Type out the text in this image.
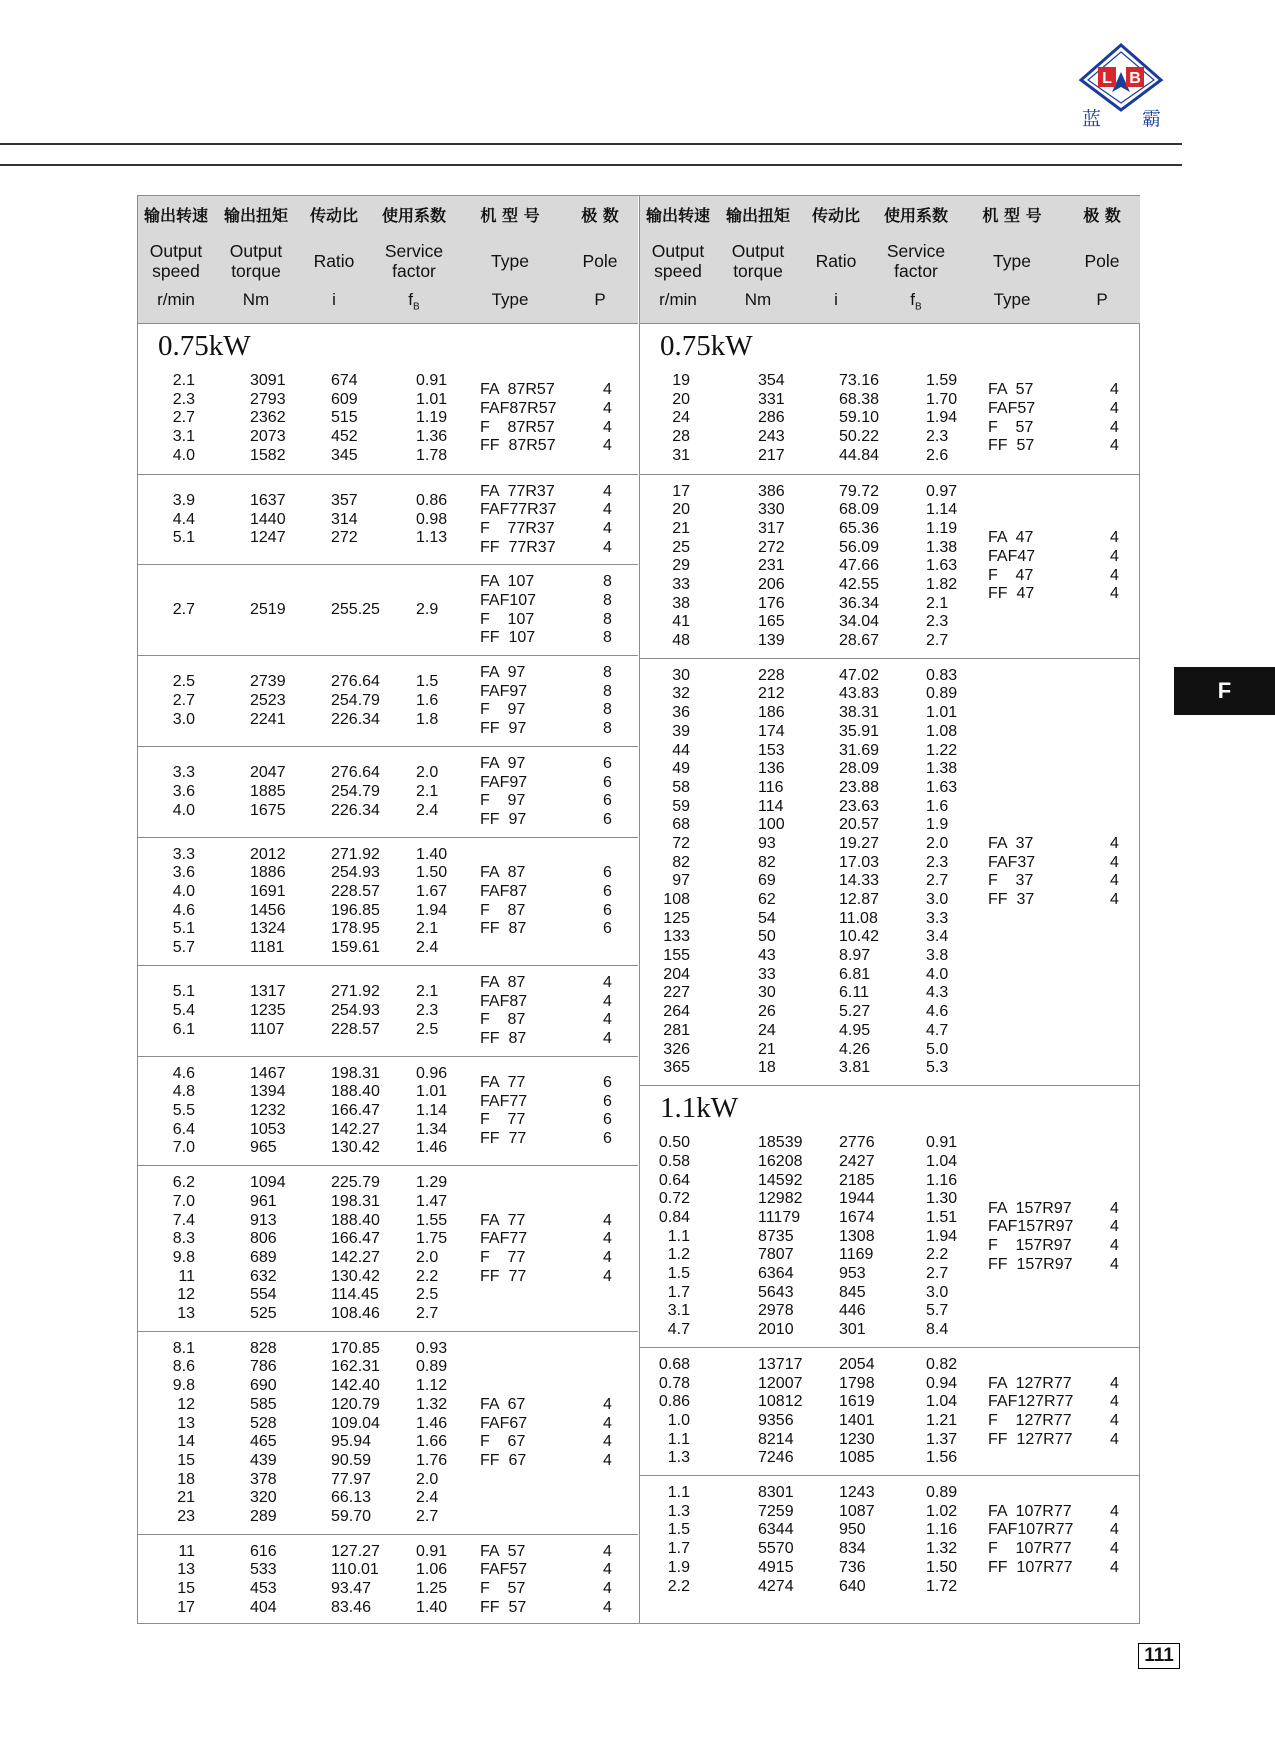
L B
蓝 霸
F
111
输出转速
Output speed
r/min
输出扭矩
Output torque
Nm
传动比
Ratio
i
使用系数
Service factor
$f_B$
机 型 号
Type
Type
极 数
Pole
P
0.75kW
2.1	3091	674	0.91
2.3	2793	609	1.01
2.7	2362	515	1.19
3.1	2073	452	1.36
4.0	1582	345	1.78
FA  87R57	4
FAF87R57	4
F    87R57	4
FF  87R57	4
3.9	1637	357	0.86
4.4	1440	314	0.98
5.1	1247	272	1.13
FA  77R37	4
FAF77R37	4
F    77R37	4
FF  77R37	4
2.7	2519	255.25 2.9
FA  107	8
FAF107	8
F    107	8
FF  107	8
2.5	2739	276.64 1.5
2.7	2523	254.79 1.6
3.0	2241	226.34 1.8
FA  97	8
FAF97	8
F    97	8
FF  97	8
3.3	2047	276.64 2.0
3.6	1885	254.79 2.1
4.0	1675	226.34 2.4
FA  97	6
FAF97	6
F    97	6
FF  97	6
3.3	2012	271.92 1.40
3.6	1886	254.93 1.50
4.0	1691	228.57 1.67
4.6	1456	196.85 1.94
5.1	1324	178.95 2.1
5.7	1181	159.61 2.4
FA  87	6
FAF87	6
F    87	6
FF  87	6
5.1	1317	271.92 2.1
5.4	1235	254.93 2.3
6.1	1107	228.57 2.5
FA  87	4
FAF87	4
F    87	4
FF  87	4
4.6	1467	198.31 0.96
4.8	1394	188.40 1.01
5.5	1232	166.47 1.14
6.4	1053	142.27 1.34
7.0	965	130.42 1.46
FA  77	6
FAF77	6
F    77	6
FF  77	6
6.2	1094	225.79 1.29
7.0	961	198.31 1.47
7.4	913	188.40 1.55
8.3	806	166.47 1.75
9.8	689	142.27 2.0
11	632	130.42 2.2
12	554	114.45 2.5
13	525	108.46 2.7
FA  77	4
FAF77	4
F    77	4
FF  77	4
8.1	828	170.85 0.93
8.6	786	162.31 0.89
9.8	690	142.40 1.12
12	585	120.79 1.32
13	528	109.04 1.46
14	465	95.94	1.66
15	439	90.59	1.76
18	378	77.97	2.0
21	320	66.13	2.4
23	289	59.70	2.7
FA  67	4
FAF67	4
F    67	4
FF  67	4
11	616	127.27 0.91
13	533	110.01 1.06
15	453	93.47	1.25
17	404	83.46	1.40
FA  57	4
FAF57	4
F    57	4
FF  57	4
输出转速
Output speed
r/min
输出扭矩
Output torque
Nm
传动比
Ratio
i
使用系数
Service factor
$f_B$
机 型 号
Type
Type
极 数
Pole
P
0.75kW
19	354	73.16	1.59
20	331	68.38	1.70
24	286	59.10	1.94
28	243	50.22	2.3
31	217	44.84	2.6
FA  57	4
FAF57	4
F    57	4
FF  57	4
17	386	79.72	0.97
20	330	68.09	1.14
21	317	65.36	1.19
25	272	56.09	1.38
29	231	47.66	1.63
33	206	42.55	1.82
38	176	36.34	2.1
41	165	34.04	2.3
48	139	28.67	2.7
FA  47	4
FAF47	4
F    47	4
FF  47	4
30	228	47.02	0.83
32	212	43.83	0.89
36	186	38.31	1.01
39	174	35.91	1.08
44	153	31.69	1.22
49	136	28.09	1.38
58	116	23.88	1.63
59	114	23.63	1.6
68	100	20.57	1.9
72	93	19.27	2.0
82	82	17.03	2.3
97	69	14.33	2.7
108	62	12.87	3.0
125	54	11.08	3.3
133	50	10.42	3.4
155	43	8.97	3.8
204	33	6.81	4.0
227	30	6.11	4.3
264	26	5.27	4.6
281	24	4.95	4.7
326	21	4.26	5.0
365	18	3.81	5.3
FA  37	4
FAF37	4
F    37	4
FF  37	4
1.1kW
0.50	18539 2776	0.91
0.58	16208 2427	1.04
0.64	14592 2185	1.16
0.72	12982 1944	1.30
0.84	11179 1674	1.51
1.1	8735	1308	1.94
1.2	7807	1169	2.2
1.5	6364	953	2.7
1.7	5643	845	3.0
3.1	2978	446	5.7
4.7	2010	301	8.4
FA  157R97 4
FAF157R97 4
F    157R97 4
FF  157R97 4
0.68	13717 2054	0.82
0.78	12007 1798	0.94
0.86	10812 1619	1.04
1.0	9356	1401	1.21
1.1	8214	1230	1.37
1.3	7246	1085	1.56
FA  127R77 4
FAF127R77 4
F    127R77 4
FF  127R77 4
1.1	8301	1243	0.89
1.3	7259	1087	1.02
1.5	6344	950	1.16
1.7	5570	834	1.32
1.9	4915	736	1.50
2.2	4274	640	1.72
FA  107R77 4
FAF107R77 4
F    107R77 4
FF  107R77 4
